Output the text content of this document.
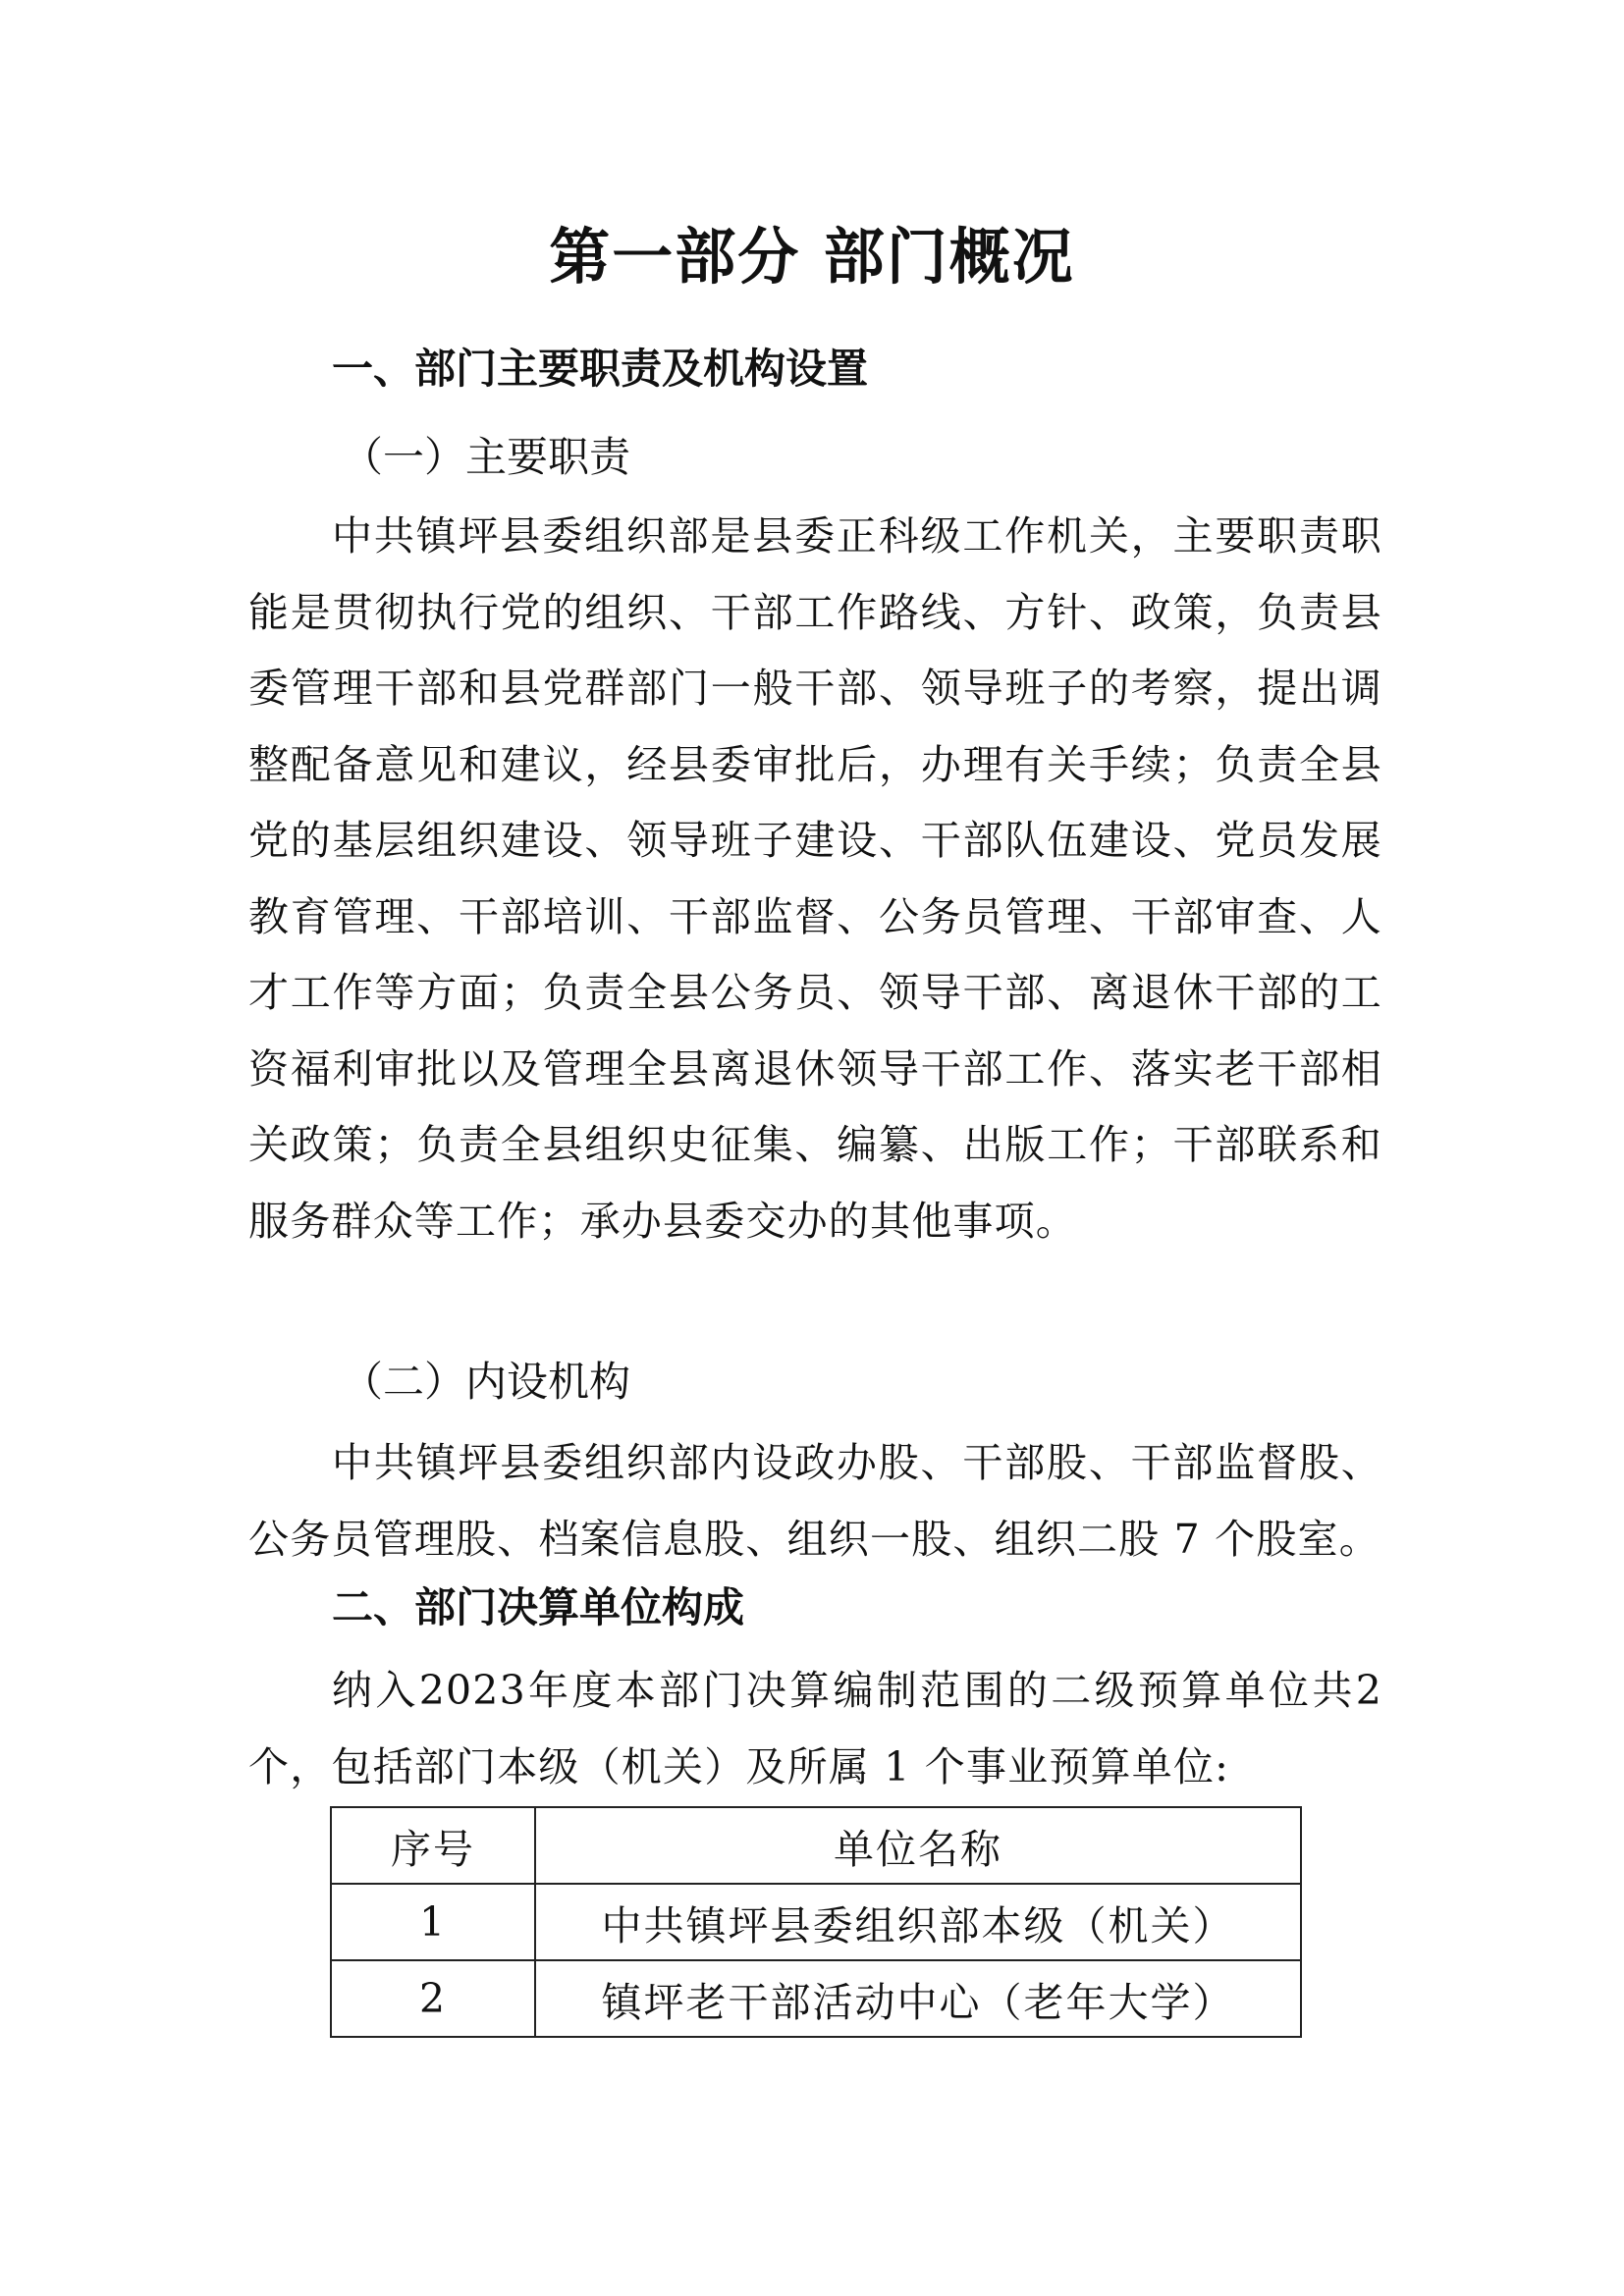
第一部分 部门概况
一、部门主要职责及机构设置
（一）主要职责

中共镇坪县委组织部是县委正科级工作机关，主要职责职能是贯彻执行党的组织、干部工作路线、方针、政策，负责县委管理干部和县党群部门一般干部、领导班子的考察，提出调整配备意见和建议，经县委审批后，办理有关手续；负责全县党的基层组织建设、领导班子建设、干部队伍建设、党员发展教育管理、干部培训、干部监督、公务员管理、干部审查、人才工作等方面；负责全县公务员、领导干部、离退休干部的工资福利审批以及管理全县离退休领导干部工作、落实老干部相关政策；负责全县组织史征集、编纂、出版工作；干部联系和服务群众等工作；承办县委交办的其他事项。

（二）内设机构

中共镇坪县委组织部内设政办股、干部股、干部监督股、公务员管理股、档案信息股、组织一股、组织二股 7 个股室。

二、部门决算单位构成

纳入2023年度本部门决算编制范围的二级预算单位共2个，包括部门本级（机关）及所属 1 个事业预算单位:

序号	单位名称
1	中共镇坪县委组织部本级（机关）
2	镇坪老干部活动中心（老年大学）
